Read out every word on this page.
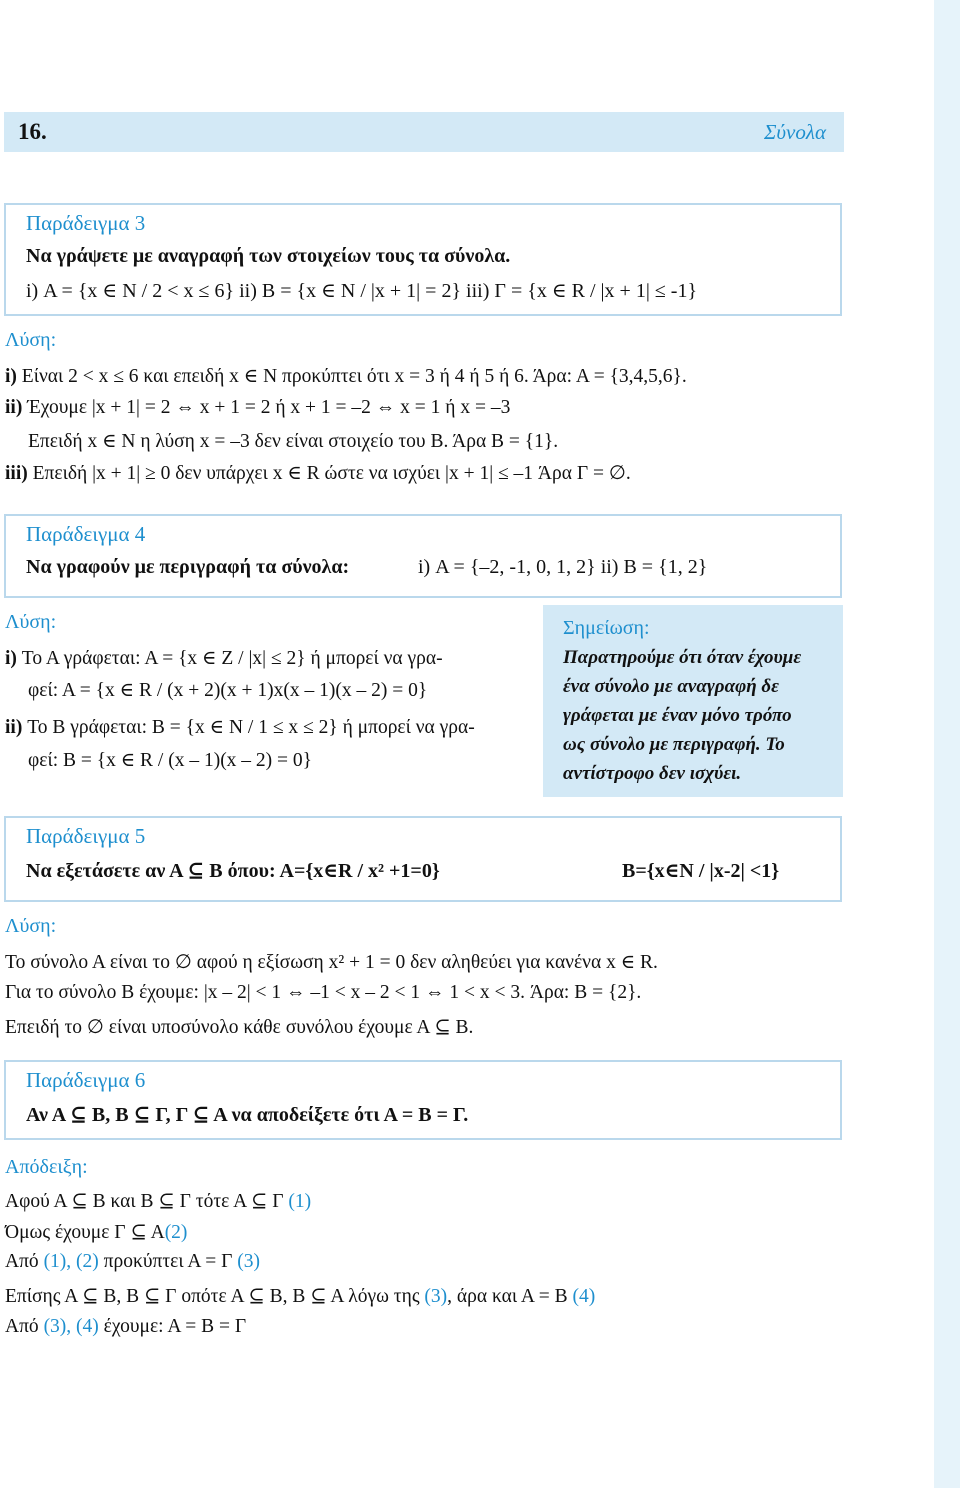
16.	Σύνολα
Παράδειγμα 3
Να γράψετε με αναγραφή των στοιχείων τους τα σύνολα.
i) Α = {x ∈ Ν / 2 < x ≤ 6} ii) Β = {x ∈ Ν / |x + 1| = 2} iii) Γ = {x ∈ R / |x + 1| ≤ -1}
Λύση:
i) Είναι 2 < x ≤ 6 και επειδή x ∈ Ν προκύπτει ότι x = 3 ή 4 ή 5 ή 6. Άρα: Α = {3,4,5,6}.
ii) Έχουμε |x + 1| = 2 ⇔ x + 1 = 2 ή x + 1 = –2 ⇔ x = 1 ή x = –3
Επειδή x ∈ Ν η λύση x = –3 δεν είναι στοιχείο του Β. Άρα Β = {1}.
iii) Επειδή |x + 1| ≥ 0 δεν υπάρχει x ∈ R ώστε να ισχύει |x + 1| ≤ –1 Άρα Γ = ∅.
Παράδειγμα 4
Να γραφούν με περιγραφή τα σύνολα:	i) Α = {–2, -1, 0, 1, 2} ii) Β = {1, 2}
Λύση:
i) Το Α γράφεται: Α = {x ∈ Ζ / |x| ≤ 2} ή μπορεί να γρα-
φεί: Α = {x ∈ R / (x + 2)(x + 1)x(x – 1)(x – 2) = 0}
ii) Το Β γράφεται: Β = {x ∈ Ν / 1 ≤ x ≤ 2} ή μπορεί να γρα-
φεί: Β = {x ∈ R / (x – 1)(x – 2) = 0}
Σημείωση:
Παρατηρούμε ότι όταν έχουμε
ένα σύνολο με αναγραφή δε
γράφεται με έναν μόνο τρόπο
ως σύνολο με περιγραφή. Το
αντίστροφο δεν ισχύει.
Παράδειγμα 5
Να εξετάσετε αν Α ⊆ Β όπου: Α={x∈R / x² +1=0}	Β={x∈Ν / |x-2| <1}
Λύση:
Το σύνολο Α είναι το ∅ αφού η εξίσωση x² + 1 = 0 δεν αληθεύει για κανένα x ∈ R.
Για το σύνολο Β έχουμε: |x – 2| < 1 ⇔ –1 < x – 2 < 1 ⇔ 1 < x < 3. Άρα: Β = {2}.
Επειδή το ∅ είναι υποσύνολο κάθε συνόλου έχουμε Α ⊆ Β.
Παράδειγμα 6
Αν Α ⊆ Β, Β ⊆ Γ, Γ ⊆ Α να αποδείξετε ότι Α = Β = Γ.
Απόδειξη:
Αφού Α ⊆ Β και Β ⊆ Γ τότε Α ⊆ Γ (1)
Όμως έχουμε Γ ⊆ Α(2)
Από (1), (2) προκύπτει Α = Γ (3)
Επίσης Α ⊆ Β, Β ⊆ Γ οπότε Α ⊆ Β, Β ⊆ Α λόγω της (3), άρα και Α = Β (4)
Από (3), (4) έχουμε: Α = Β = Γ
